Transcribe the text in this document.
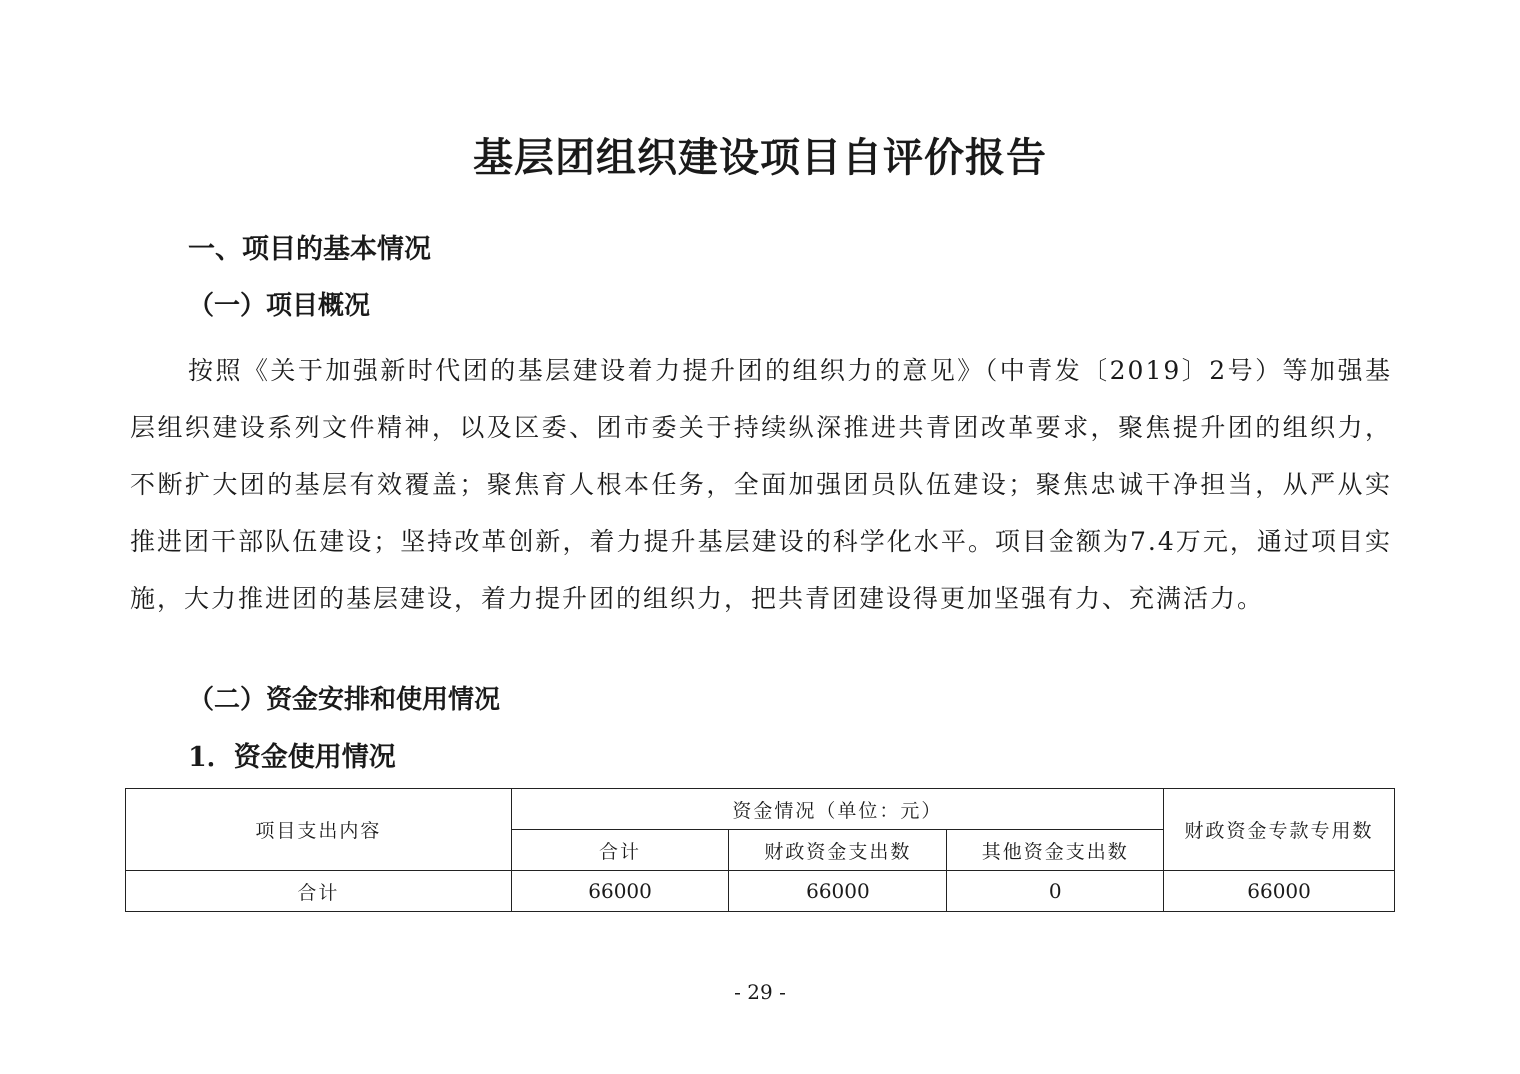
基层团组织建设项目自评价报告
一、项目的基本情况
（一）项目概况
按照《关于加强新时代团的基层建设着力提升团的组织力的意见》（中青发〔2019〕2号）等加强基层组织建设系列文件精神，以及区委、团市委关于持续纵深推进共青团改革要求，聚焦提升团的组织力，不断扩大团的基层有效覆盖；聚焦育人根本任务，全面加强团员队伍建设；聚焦忠诚干净担当，从严从实推进团干部队伍建设；坚持改革创新，着力提升基层建设的科学化水平。项目金额为7.4万元，通过项目实施，大力推进团的基层建设，着力提升团的组织力，把共青团建设得更加坚强有力、充满活力。
（二）资金安排和使用情况
1．资金使用情况
项目支出内容	资金情况（单位：元）			财政资金专款专用数
	合计	财政资金支出数	其他资金支出数	
合计	66000	66000	0	66000
- 29 -
